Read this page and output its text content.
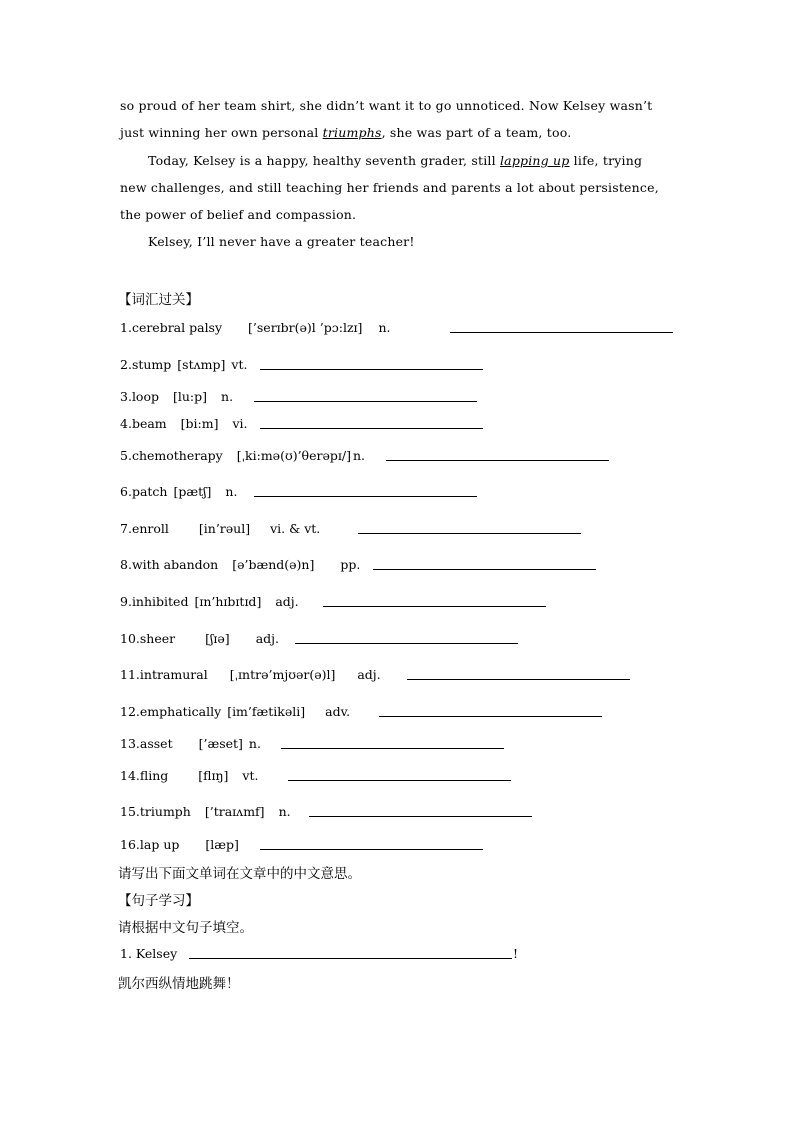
so proud of her team shirt, she didn’t want it to go unnoticed. Now Kelsey wasn’t
just winning her own personal triumphs, she was part of a team, too.
Today, Kelsey is a happy, healthy seventh grader, still lapping up life, trying
new challenges, and still teaching her friends and parents a lot about persistence,
the power of belief and compassion.
Kelsey, I’ll never have a greater teacher!
【词汇过关】
1.cerebral palsy [’serɪbr(ə)l ’pɔ:lzɪ] n.
2.stump [stʌmp] vt.
3.loop [lu:p] n.
4.beam [bi:m] vi.
5.chemotherapy [ˌki:mə(ʊ)’θerəpɪ/] n.
6.patch [pætʃ] n.
7.enroll [in’rəul] vi. & vt.
8.with abandon [ə’bænd(ə)n] pp.
9.inhibited [ɪn’hɪbɪtɪd] adj.
10.sheer [ʃɪə] adj.
11.intramural [ˌɪntrə’mjʊər(ə)l] adj.
12.emphatically [im’fætikəli] adv.
13.asset [’æset] n.
14.fling [flɪŋ] vt.
15.triumph [’traɪʌmf] n.
16.lap up [læp]
请写出下面文单词在文章中的中文意思。
【句子学习】
请根据中文句子填空。
1. Kelsey	!
凯尔西纵情地跳舞！
